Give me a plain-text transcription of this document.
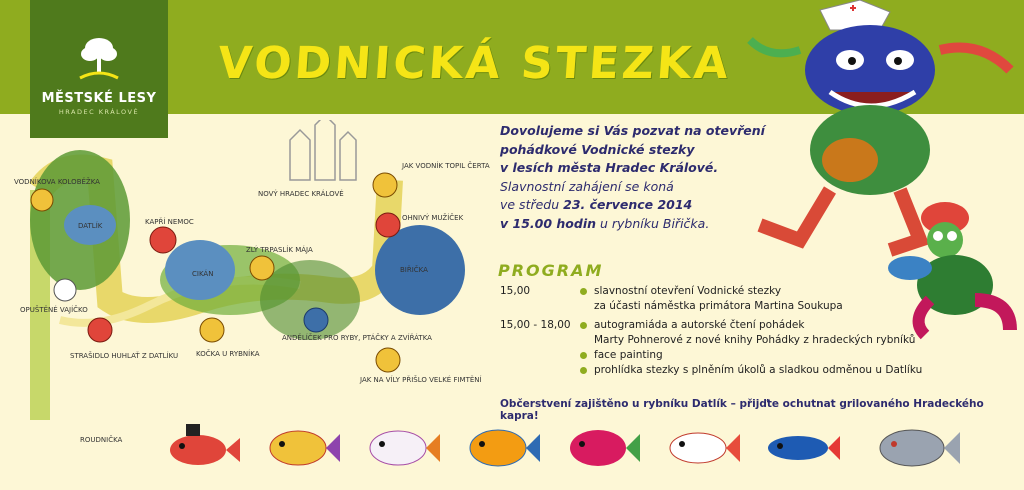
MĚSTSKÉ LESY
HRADEC KRÁLOVÉ
VODNICKÁ STEZKA
Dovolujeme si Vás pozvat na otevření
pohádkové Vodnické stezky
v lesích města Hradec Králové.
Slavnostní zahájení se koná
ve středu 23. července 2014
v 15.00 hodin u rybníku Biřička.
PROGRAM
15,00	slavnostní otevření Vodnické stezky
za účasti náměstka primátora Martina Soukupa
15,00 - 18,00	autogramiáda a autorské čtení pohádek
Marty Pohnerové z nové knihy Pohádky z hradeckých rybníků
face painting
prohlídka stezky s plněním úkolů a sladkou odměnou u Datlíku
Občerstvení zajištěno u rybníku Datlík – přijďte ochutnat grilovaného Hradeckého kapra!
VODNÍKOVA KOLOBĚŽKA
DATLÍK	KAPŘÍ NEMOC
NOVÝ HRADEC KRÁLOVÉ
JAK VODNÍK TOPIL ČERTA
OHNIVÝ MUŽÍČEK
ZLÝ TRPASLÍK MÁJA
CIKÁN	BIŘIČKA
OPUŠTĚNÉ VAJÍČKO
STRAŠIDLO HUHLAŤ Z DATLÍKU	KOČKA U RYBNÍKA
ANDĚLÍČEK PRO RYBY, PTÁČKY A ZVÍŘÁTKA
JAK NA VÍLY PŘIŠLO VELKÉ FIMTĚNÍ
ROUDNIČKA
